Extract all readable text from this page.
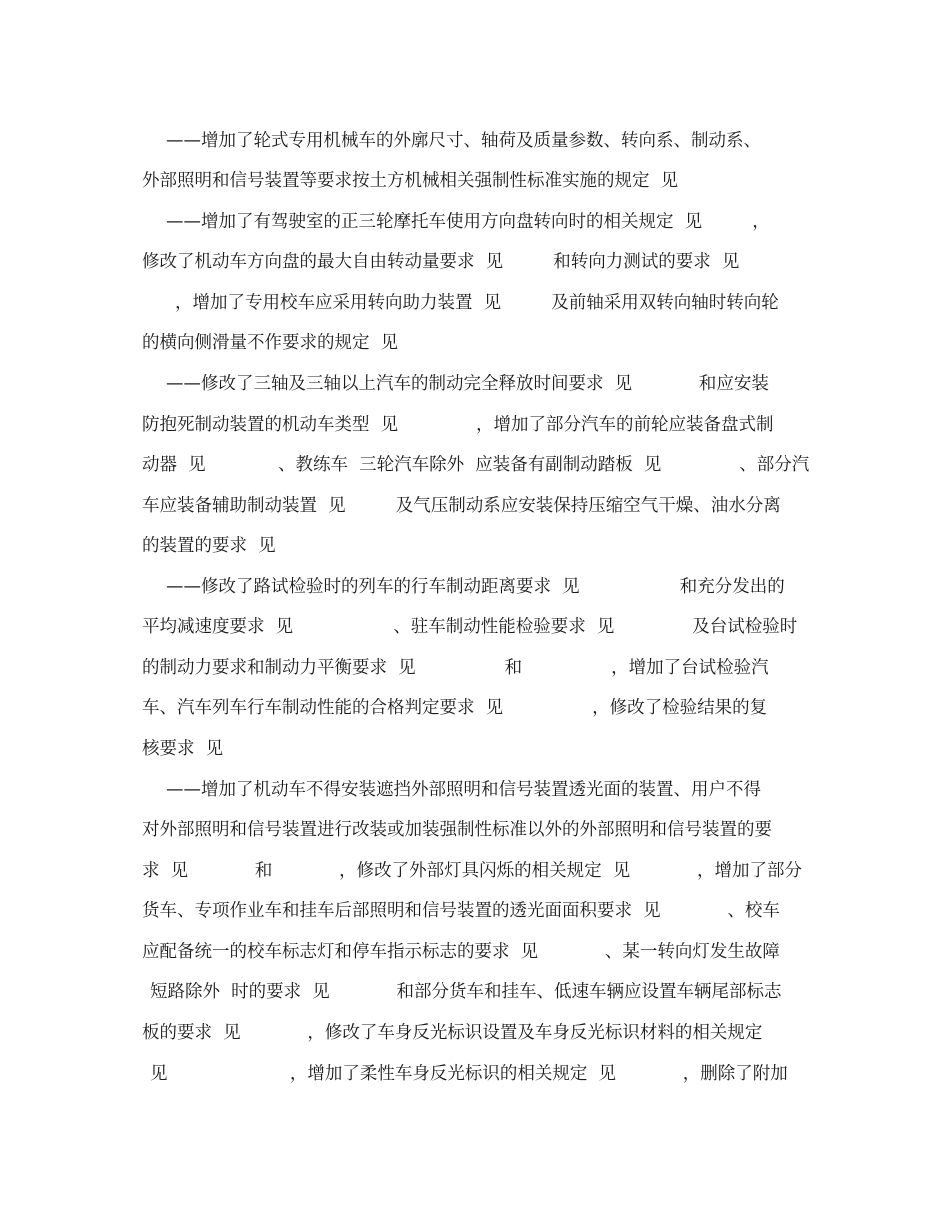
——增加了轮式专用机械车的外廓尺寸、轴荷及质量参数、转向系、制动系、
外部照明和信号装置等要求按土方机械相关强制性标准实施的规定  见
——增加了有驾驶室的正三轮摩托车使用方向盘转向时的相关规定  见         ，
修改了机动车方向盘的最大自由转动量要求  见         和转向力测试的要求  见
，增加了专用校车应采用转向助力装置  见         及前轴采用双转向轴时转向轮
的横向侧滑量不作要求的规定  见
——修改了三轴及三轴以上汽车的制动完全释放时间要求  见            和应安装
防抱死制动装置的机动车类型  见              ，增加了部分汽车的前轮应装备盘式制
动器  见             、教练车  三轮汽车除外  应装备有副制动踏板  见              、部分汽
车应装备辅助制动装置  见         及气压制动系应安装保持压缩空气干燥、油水分离
的装置的要求  见
——修改了路试检验时的列车的行车制动距离要求  见                  和充分发出的
平均减速度要求  见                  、驻车制动性能检验要求  见              及台试检验时
的制动力要求和制动力平衡要求  见                和                ，增加了台试检验汽
车、汽车列车行车制动性能的合格判定要求  见                ，修改了检验结果的复
核要求  见
——增加了机动车不得安装遮挡外部照明和信号装置透光面的装置、用户不得
对外部照明和信号装置进行改装或加装强制性标准以外的外部照明和信号装置的要
求  见            和            ，修改了外部灯具闪烁的相关规定  见            ，增加了部分
货车、专项作业车和挂车后部照明和信号装置的透光面面积要求  见            、校车
应配备统一的校车标志灯和停车指示标志的要求  见            、某一转向灯发生故障
短路除外  时的要求  见            和部分货车和挂车、低速车辆应设置车辆尾部标志
板的要求  见            ，修改了车身反光标识设置及车身反光标识材料的相关规定
见                      ，增加了柔性车身反光标识的相关规定  见            ，删除了附加
